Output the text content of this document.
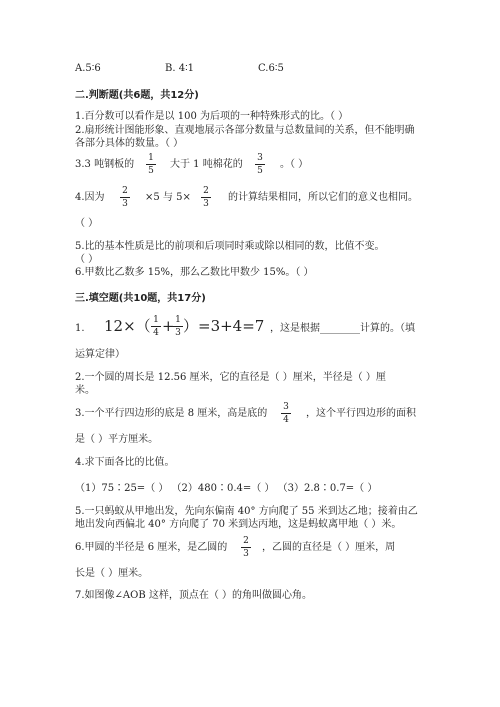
A.5∶6	B. 4∶1	C.6∶5
二.判断题(共6题，共12分)
1.百分数可以看作是以 100 为后项的一种特殊形式的比。（ ）
2.扇形统计图能形象、直观地展示各部分数量与总数量间的关系，但不能明确
各部分具体的数量。（ ）
3.3 吨钢板的
1
5
大于 1 吨棉花的
3
5
。（ ）
4.因为
2
3
×5 与 5×
2
3
的计算结果相同，所以它们的意义也相同。
（ ）
5.比的基本性质是比的前项和后项同时乘或除以相同的数，比值不变。
（ ）
6.甲数比乙数多 15%，那么乙数比甲数少 15%。（ ）
三.填空题(共10题，共17分)
1. 12×（ 1
4 + 1
3 ）=3+4=7 ，这是根据________计算的。（填
运算定律）
2.一个圆的周长是 12.56 厘米，它的直径是（ ）厘米，半径是（ ）厘
米。
3.一个平行四边形的底是 8 厘米，高是底的
3
4
，这个平行四边形的面积
是（ ）平方厘米。
4.求下面各比的比值。
（1）75∶25=（ ） （2）480∶0.4=（ ） （3）2.8∶0.7=（ ）
5.一只蚂蚁从甲地出发，先向东偏南 40° 方向爬了 55 米到达乙地；接着由乙
地出发向西偏北 40° 方向爬了 70 米到达丙地，这是蚂蚁离甲地（ ）米。
6.甲圆的半径是 6 厘米，是乙圆的
2
3
，乙圆的直径是（ ）厘米，周
长是（ ）厘米。
7.如图像∠AOB 这样，顶点在（ ）的角叫做圆心角。
